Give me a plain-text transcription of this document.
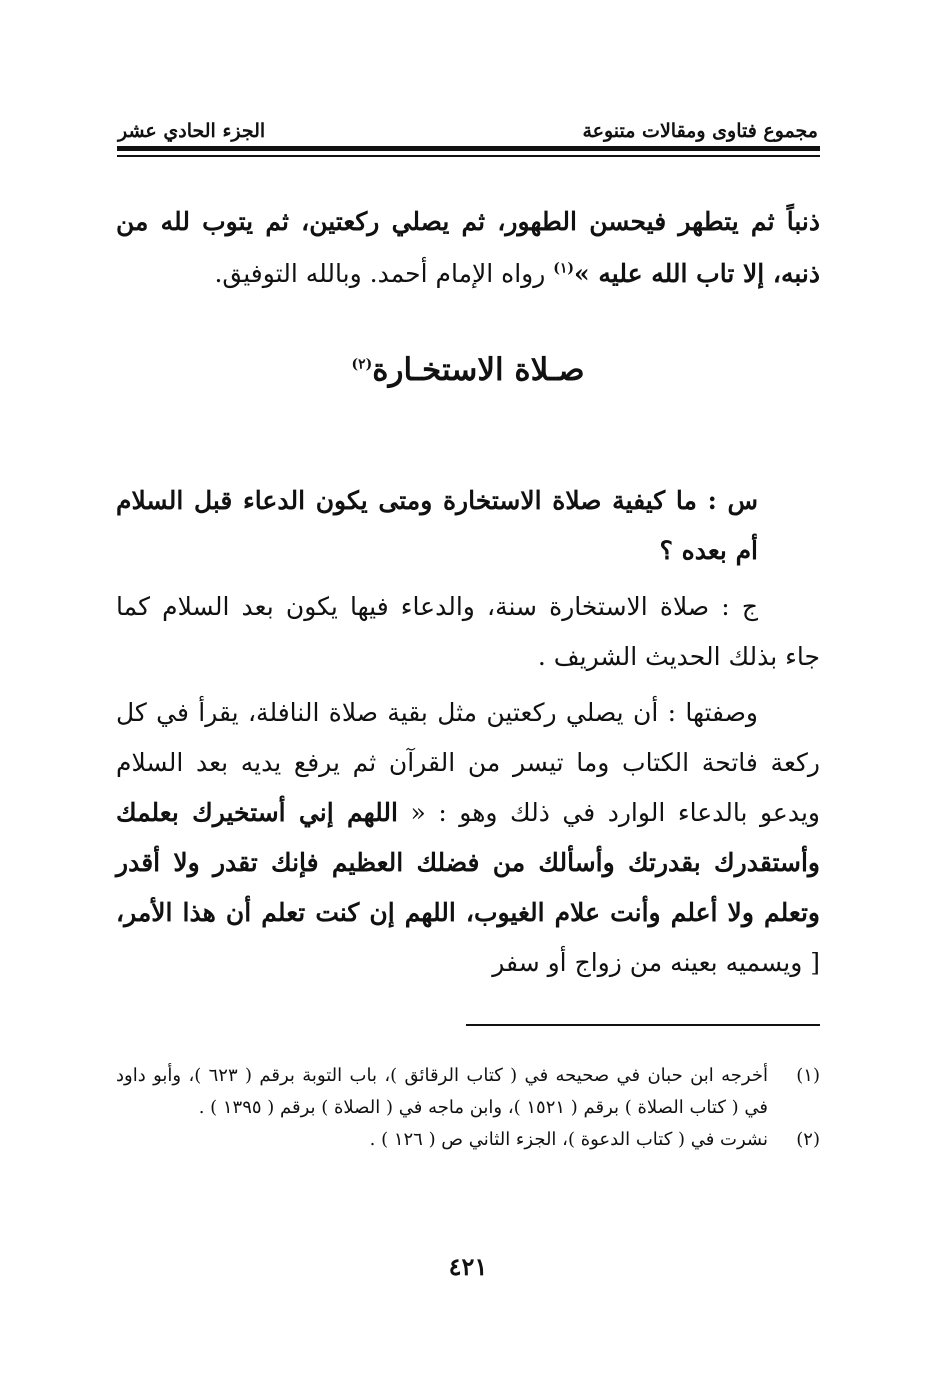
مجموع فتاوى ومقالات متنوعة
الجزء الحادي عشر
ذنباً ثم يتطهر فيحسن الطهور، ثم يصلي ركعتين، ثم يتوب لله من ذنبه، إلا تاب الله عليه »$^{(١)}$ رواه الإمام أحمد. وبالله التوفيق.
صـلاة الاستخـارة$^{(٢)}$
س : ما كيفية صلاة الاستخارة ومتى يكون الدعاء قبل السلام أم بعده ؟
ج : صلاة الاستخارة سنة، والدعاء فيها يكون بعد السلام كما جاء بذلك الحديث الشريف .
وصفتها : أن يصلي ركعتين مثل بقية صلاة النافلة، يقرأ في كل ركعة فاتحة الكتاب وما تيسر من القرآن ثم يرفع يديه بعد السلام ويدعو بالدعاء الوارد في ذلك وهو : « اللهم إني أستخيرك بعلمك وأستقدرك بقدرتك وأسألك من فضلك العظيم فإنك تقدر ولا أقدر وتعلم ولا أعلم وأنت علام الغيوب، اللهم إن كنت تعلم أن هذا الأمر، [ ويسميه بعينه من زواج أو سفر
(١)
أخرجه ابن حبان في صحيحه في ( كتاب الرقائق )، باب التوبة برقم ( ٦٢٣ )، وأبو داود في ( كتاب الصلاة ) برقم ( ١٥٢١ )، وابن ماجه في ( الصلاة ) برقم ( ١٣٩٥ ) .
(٢)
نشرت في ( كتاب الدعوة )، الجزء الثاني ص ( ١٢٦ ) .
٤٢١
